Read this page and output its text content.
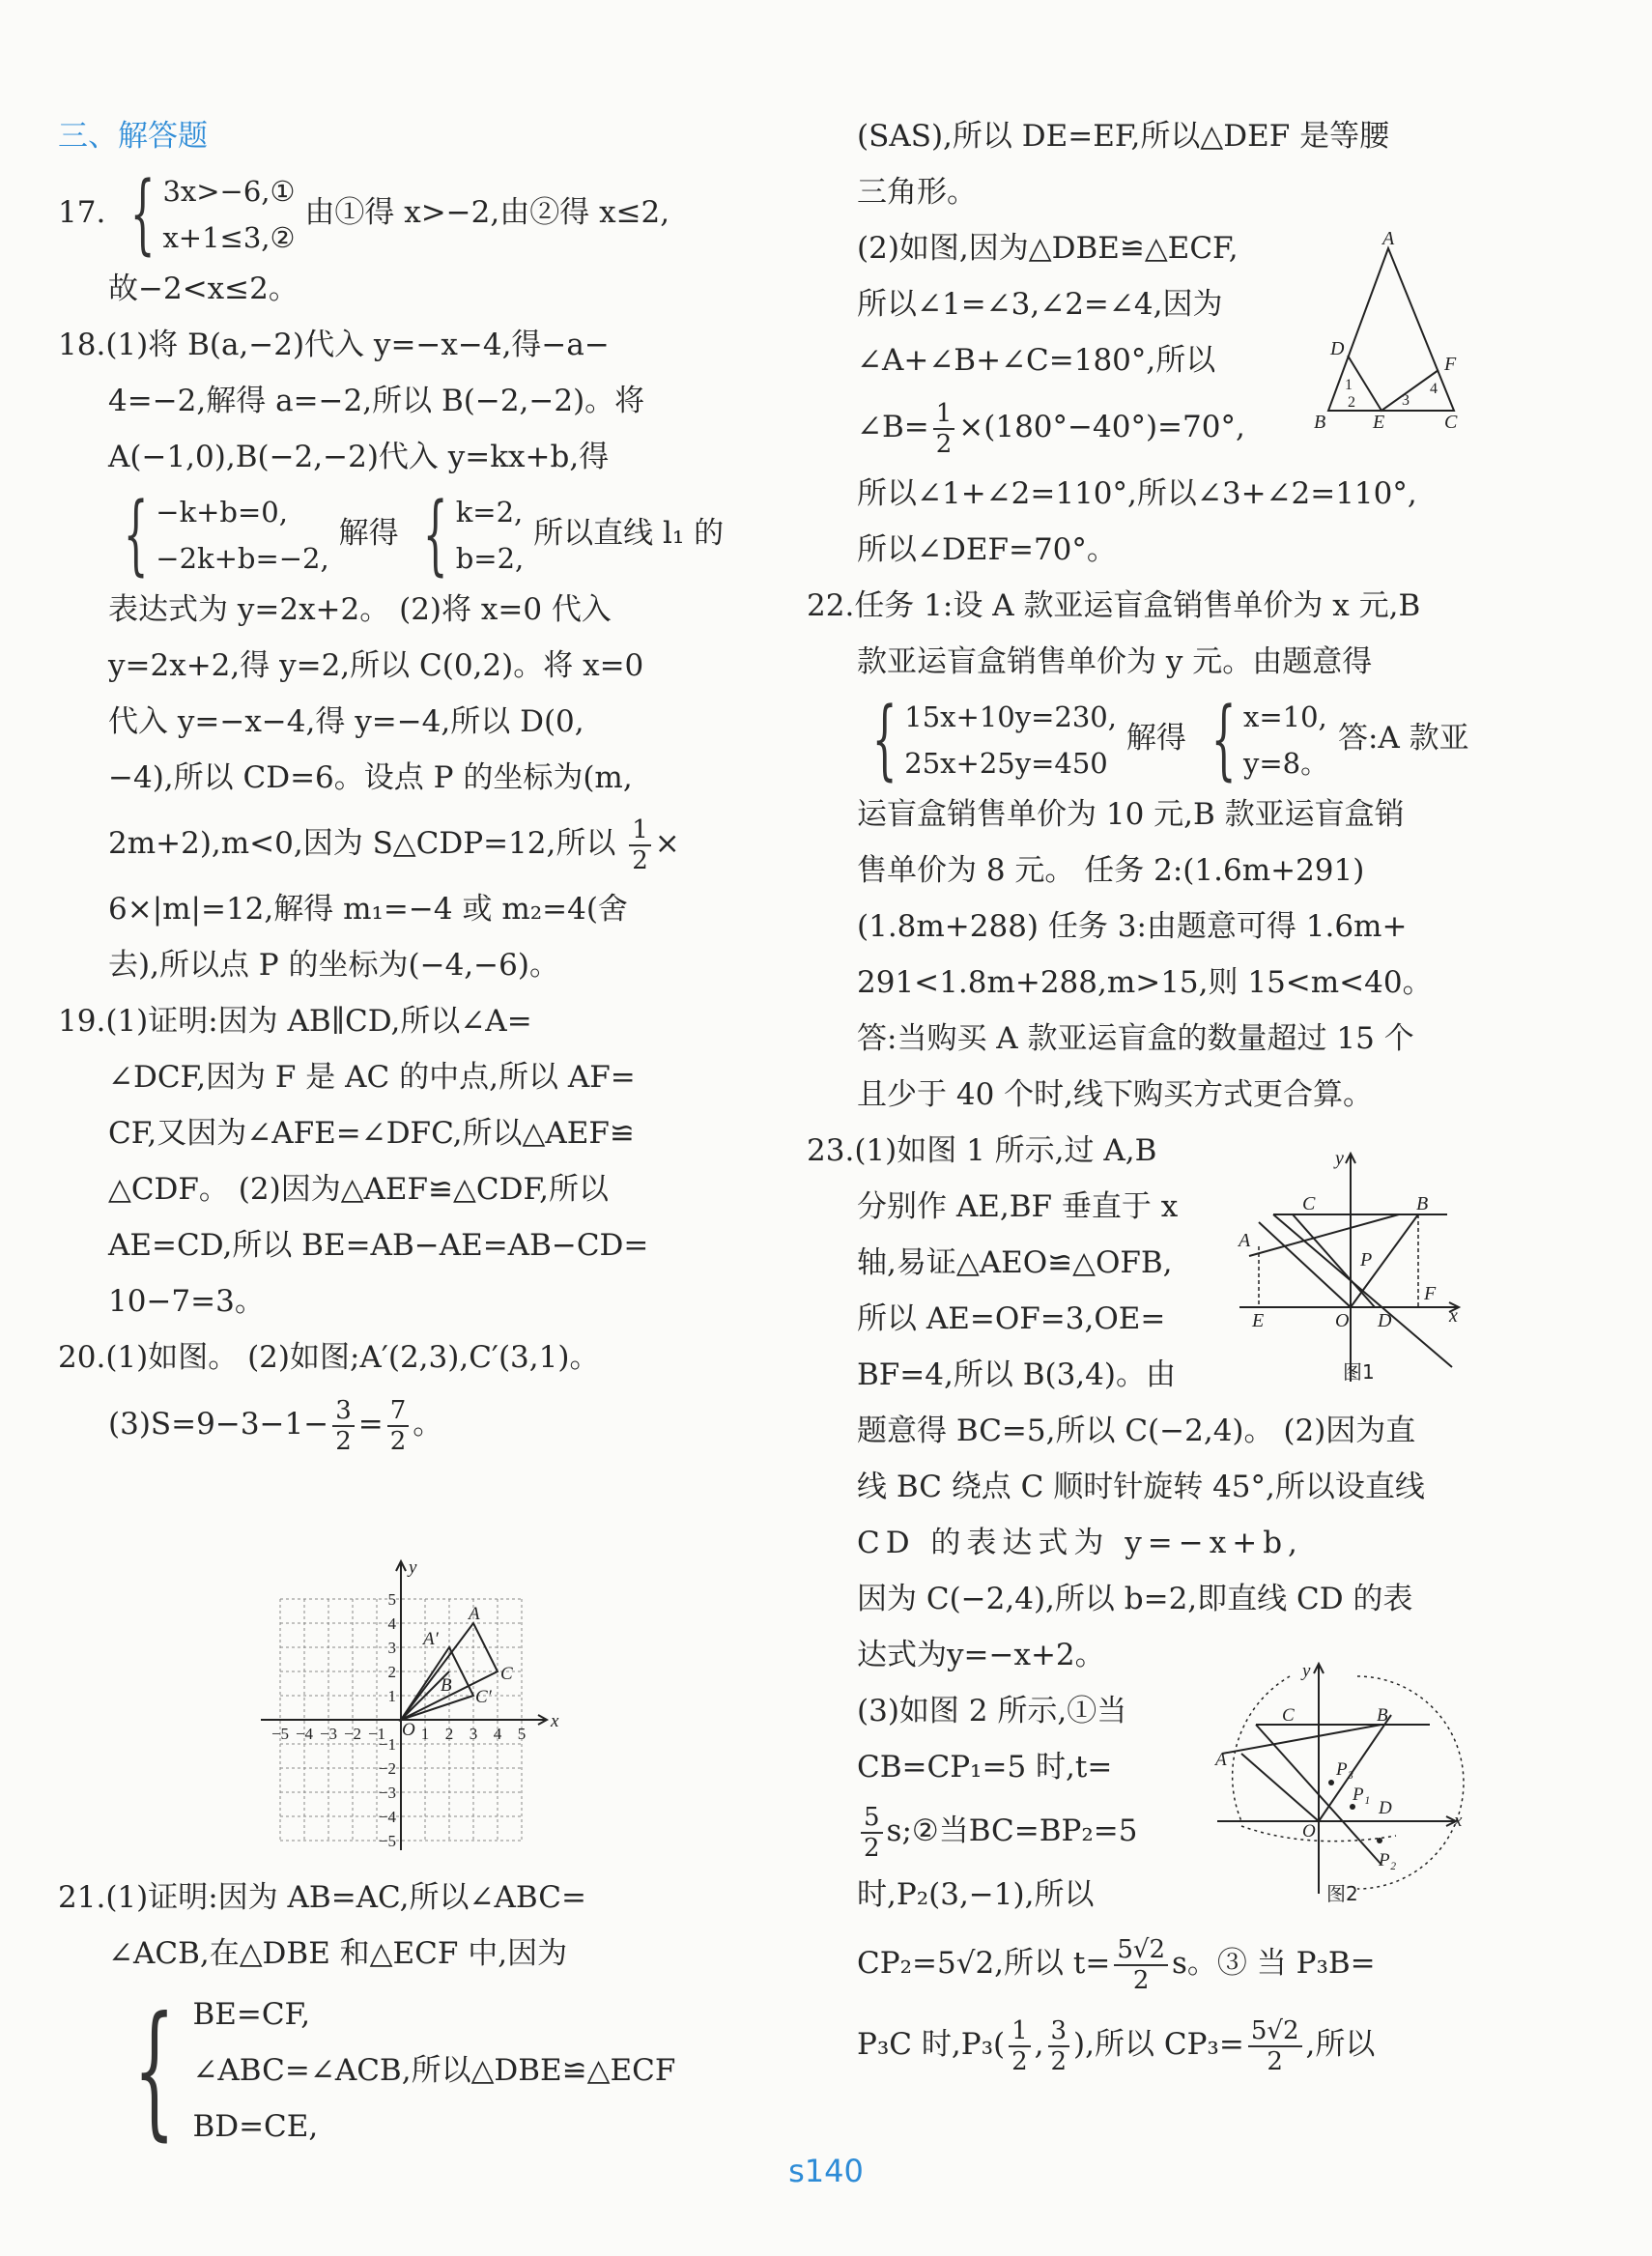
三、解答题
17. { 3x>−6,①
x+1≤3,②
由①得 x>−2,由②得 x≤2,
故−2<x≤2。
18.(1)将 B(a,−2)代入 y=−x−4,得−a−
4=−2,解得 a=−2,所以 B(−2,−2)。将
A(−1,0),B(−2,−2)代入 y=kx+b,得
{ −k+b=0,
−2k+b=−2,
解得 { k=2,
b=2,
所以直线 l₁ 的
表达式为 y=2x+2。 (2)将 x=0 代入
y=2x+2,得 y=2,所以 C(0,2)。将 x=0
代入 y=−x−4,得 y=−4,所以 D(0,
−4),所以 CD=6。设点 P 的坐标为(m,
2m+2),m<0,因为 S△CDP=12,所以 $\frac{1}{2}$ ×
6×|m|=12,解得 m₁=−4 或 m₂=4(舍
去),所以点 P 的坐标为(−4,−6)。
19.(1)证明:因为 AB∥CD,所以∠A=
∠DCF,因为 F 是 AC 的中点,所以 AF=
CF,又因为∠AFE=∠DFC,所以△AEF≌
△CDF。 (2)因为△AEF≌△CDF,所以
AE=CD,所以 BE=AB−AE=AB−CD=
10−7=3。
20.(1)如图。 (2)如图;A′(2,3),C′(3,1)。
$(3)S=9-3-1- \frac{3}{2} = \frac{7}{2}$ 。
y
x
O
A
A′
B
C
C′
−5 −4 −3 −2 −1 1 2 3 4 5
5
4
3
2
1
−1
−2
−3
−4
−5
21.(1)证明:因为 AB=AC,所以∠ABC=
∠ACB,在△DBE 和△ECF 中,因为
{ BE=CF,
∠ABC=∠ACB,所以△DBE≌△ECF
BD=CE,
(SAS),所以 DE=EF,所以△DEF 是等腰
三角形。
(2)如图,因为△DBE≌△ECF,
所以∠1=∠3,∠2=∠4,因为
∠A+∠B+∠C=180°,所以
∠B= $\frac{1}{2} \times(180^\circ-40^\circ)=70^\circ$,
所以∠1+∠2=110°,所以∠3+∠2=110°,
所以∠DEF=70°。
22.任务 1:设 A 款亚运盲盒销售单价为 x 元,B
款亚运盲盒销售单价为 y 元。由题意得
{ 15x+10y=230,
25x+25y=450
解得 { x=10,
y=8。
答:A 款亚
运盲盒销售单价为 10 元,B 款亚运盲盒销
售单价为 8 元。 任务 2:(1.6m+291)
(1.8m+288) 任务 3:由题意可得 1.6m+
291<1.8m+288,m>15,则 15<m<40。
答:当购买 A 款亚运盲盒的数量超过 15 个
且少于 40 个时,线下购买方式更合算。
23.(1)如图 1 所示,过 A,B
分别作 AE,BF 垂直于 x
轴,易证△AEO≌△OFB,
所以 AE=OF=3,OE=
BF=4,所以 B(3,4)。由
题意得 BC=5,所以 C(−2,4)。 (2)因为直
线 BC 绕点 C 顺时针旋转 45°,所以设直线
CD 的表达式为 y=−x+b,
因为 C(−2,4),所以 b=2,即直线 CD 的表
达式为y=−x+2。
(3)如图 2 所示,①当
CB=CP₁=5 时,t=
$\frac{5}{2}$ s;②当BC=BP₂=5
时,P₂(3,−1),所以
CP₂=5√2,所以 $t= \frac{5√2}{2}$ s。③ 当 P₃B=
P₃C 时$,P_3( \frac{1}{2}$ , $\frac{3}{2}$ ),所以 $CP_3= \frac{5√2}{2}$ ,所以
A
B E	C
D
F
1
2	3
4
y
x
C	B
A
P
F
E	O D
图1
y
x
C	B
A	P₃
P₁
D
O
P₂
图2
s140
